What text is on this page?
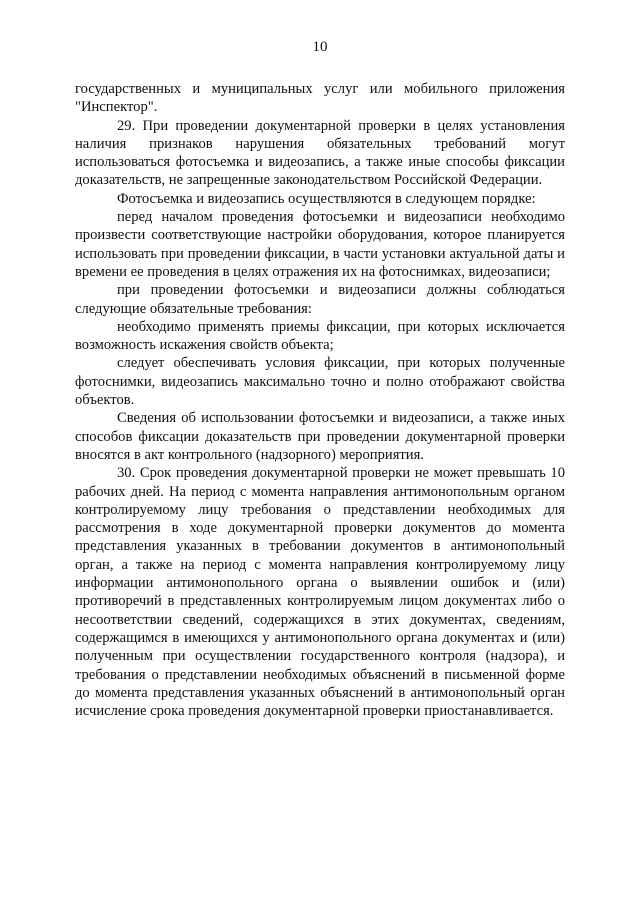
10

государственных и муниципальных услуг или мобильного приложения "Инспектор".

29. При проведении документарной проверки в целях установления наличия признаков нарушения обязательных требований могут использоваться фотосъемка и видеозапись, а также иные способы фиксации доказательств, не запрещенные законодательством Российской Федерации.

Фотосъемка и видеозапись осуществляются в следующем порядке:

перед началом проведения фотосъемки и видеозаписи необходимо произвести соответствующие настройки оборудования, которое планируется использовать при проведении фиксации, в части установки актуальной даты и времени ее проведения в целях отражения их на фотоснимках, видеозаписи;

при проведении фотосъемки и видеозаписи должны соблюдаться следующие обязательные требования:

необходимо применять приемы фиксации, при которых исключается возможность искажения свойств объекта;

следует обеспечивать условия фиксации, при которых полученные фотоснимки, видеозапись максимально точно и полно отображают свойства объектов.

Сведения об использовании фотосъемки и видеозаписи, а также иных способов фиксации доказательств при проведении документарной проверки вносятся в акт контрольного (надзорного) мероприятия.

30. Срок проведения документарной проверки не может превышать 10 рабочих дней. На период с момента направления антимонопольным органом контролируемому лицу требования о представлении необходимых для рассмотрения в ходе документарной проверки документов до момента представления указанных в требовании документов в антимонопольный орган, а также на период с момента направления контролируемому лицу информации антимонопольного органа о выявлении ошибок и (или) противоречий в представленных контролируемым лицом документах либо о несоответствии сведений, содержащихся в этих документах, сведениям, содержащимся в имеющихся у антимонопольного органа документах и (или) полученным при осуществлении государственного контроля (надзора), и требования о представлении необходимых объяснений в письменной форме до момента представления указанных объяснений в антимонопольный орган исчисление срока проведения документарной проверки приостанавливается.
